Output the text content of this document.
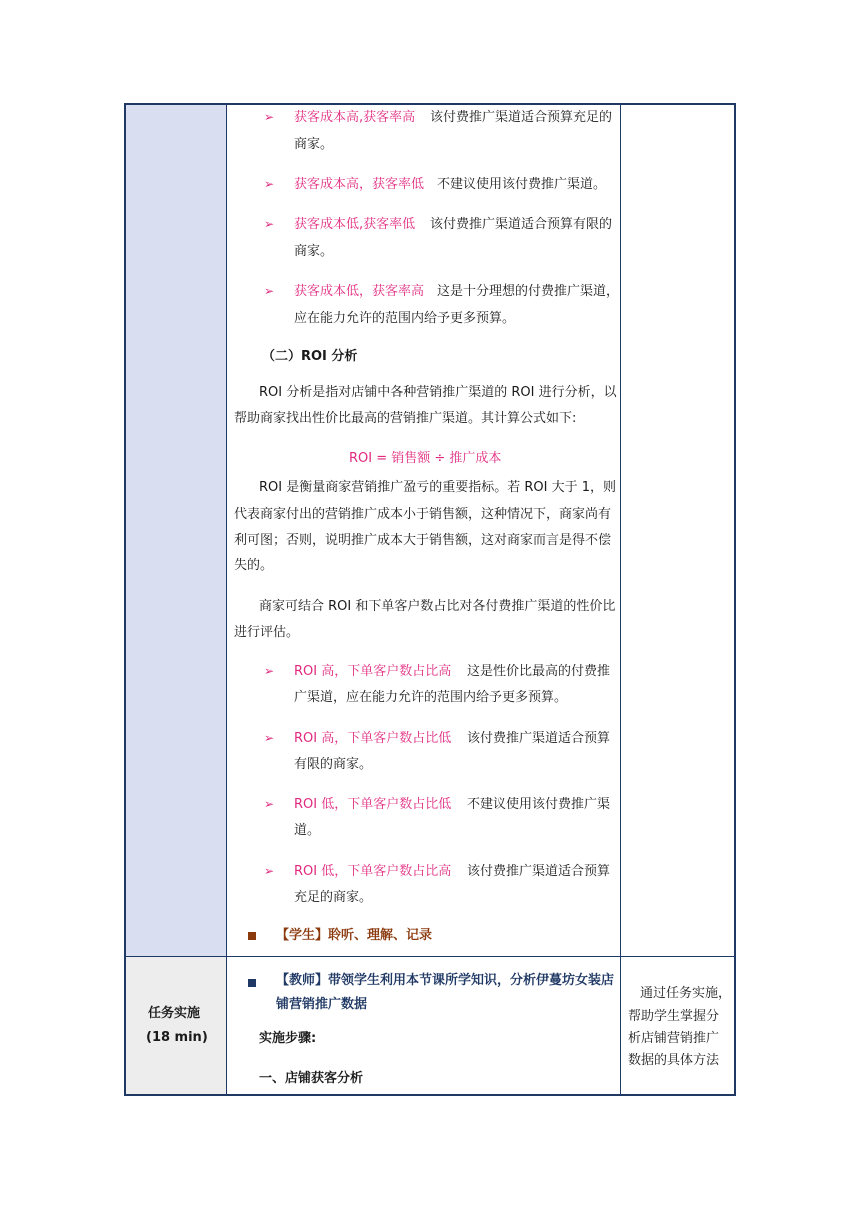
➢ 获客成本高,获客率高 该付费推广渠道适合预算充足的
商家。
➢ 获客成本高，获客率低 不建议使用该付费推广渠道。
➢ 获客成本低,获客率低 该付费推广渠道适合预算有限的
商家。
➢ 获客成本低，获客率高 这是十分理想的付费推广渠道，
应在能力允许的范围内给予更多预算。
（二）ROI 分析
ROI 分析是指对店铺中各种营销推广渠道的 ROI 进行分析，以
帮助商家找出性价比最高的营销推广渠道。其计算公式如下:
ROI = 销售额 ÷ 推广成本
ROI 是衡量商家营销推广盈亏的重要指标。若 ROI 大于 1，则
代表商家付出的营销推广成本小于销售额，这种情况下，商家尚有
利可图；否则，说明推广成本大于销售额，这对商家而言是得不偿
失的。
商家可结合 ROI 和下单客户数占比对各付费推广渠道的性价比
进行评估。
➢ ROI 高，下单客户数占比高 这是性价比最高的付费推
广渠道，应在能力允许的范围内给予更多预算。
➢ ROI 高，下单客户数占比低 该付费推广渠道适合预算
有限的商家。
➢ ROI 低，下单客户数占比低 不建议使用该付费推广渠
道。
➢ ROI 低，下单客户数占比高 该付费推广渠道适合预算
充足的商家。
【学生】聆听、理解、记录
任务实施
(18 min)
【教师】带领学生利用本节课所学知识，分析伊蔓坊女装店
铺营销推广数据
实施步骤:
一、店铺获客分析
通过任务实施，
帮助学生掌握分
析店铺营销推广
数据的具体方法
